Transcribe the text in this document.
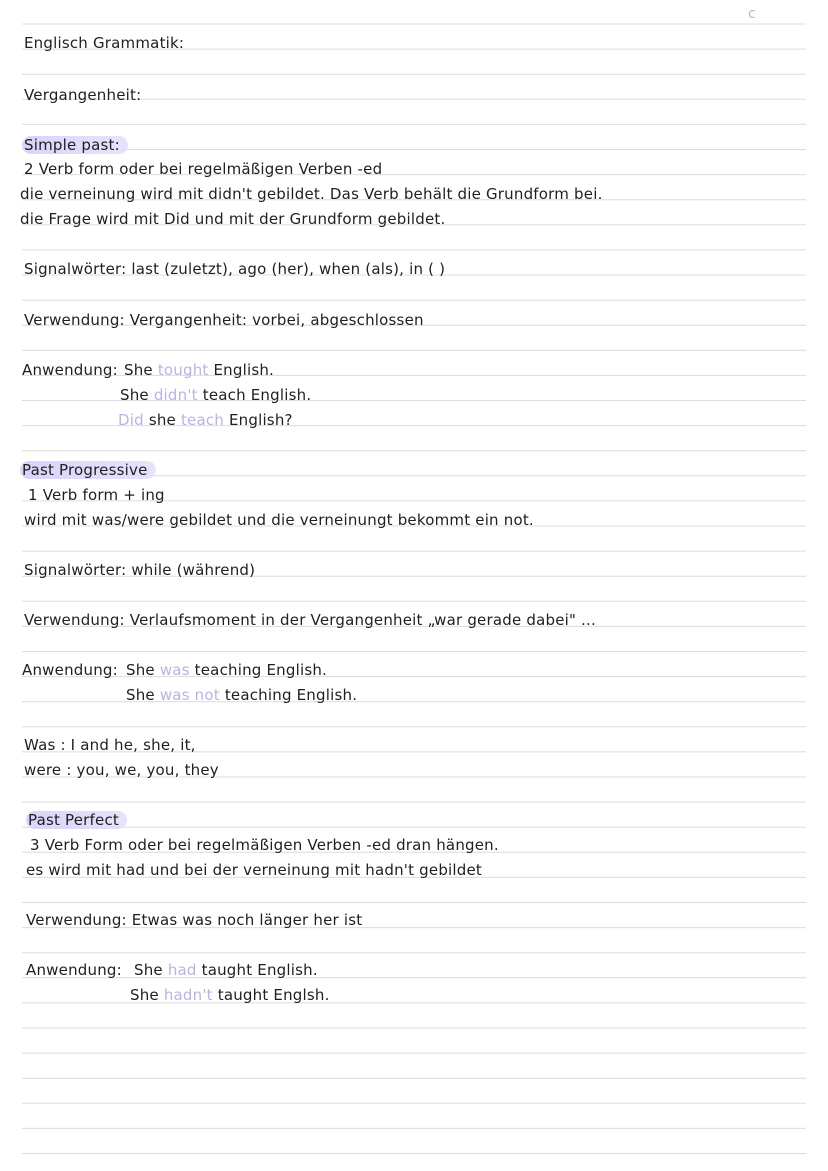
c
Englisch Grammatik:
Vergangenheit:
Simple past:
2 Verb form oder bei regelmäßigen Verben -ed
die verneinung wird mit didn't gebildet. Das Verb behält die Grundform bei.
die Frage wird mit Did und mit der Grundform gebildet.
Signalwörter: last (zuletzt), ago (her), when (als), in ( )
Verwendung: Vergangenheit: vorbei, abgeschlossen
Anwendung: She tought English.
She didn't teach English.
Did she teach English?
Past Progressive
1 Verb form + ing
wird mit was/were gebildet und die verneinungt bekommt ein not.
Signalwörter: while (während)
Verwendung: Verlaufsmoment in der Vergangenheit „war gerade dabei" ...
Anwendung: She was teaching English.
She was not teaching English.
Was : I and he, she, it,
were : you, we, you, they
Past Perfect
3 Verb Form oder bei regelmäßigen Verben -ed dran hängen.
es wird mit had und bei der verneinung mit hadn't gebildet
Verwendung: Etwas was noch länger her ist
Anwendung: She had taught English.
She hadn't taught Englsh.
